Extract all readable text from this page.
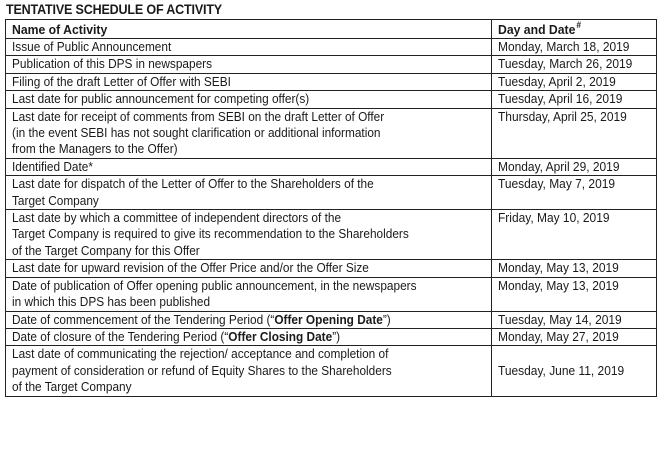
TENTATIVE SCHEDULE OF ACTIVITY
Name of Activity	Day and Date#

Issue of Public Announcement	Monday, March 18, 2019

Publication of this DPS in newspapers	Tuesday, March 26, 2019

Filing of the draft Letter of Offer with SEBI	Tuesday, April 2, 2019

Last date for public announcement for competing offer(s)	Tuesday, April 16, 2019

Last date for receipt of comments from SEBI on the draft Letter of Offer
(in the event SEBI has not sought clarification or additional information
from the Managers to the Offer)	Thursday, April 25, 2019

Identified Date*	Monday, April 29, 2019

Last date for dispatch of the Letter of Offer to the Shareholders of the
Target Company	Tuesday, May 7, 2019

Last date by which a committee of independent directors of the
Target Company is required to give its recommendation to the Shareholders
of the Target Company for this Offer	Friday, May 10, 2019

Last date for upward revision of the Offer Price and/or the Offer Size	Monday, May 13, 2019

Date of publication of Offer opening public announcement, in the newspapers
in which this DPS has been published	Monday, May 13, 2019

Date of commencement of the Tendering Period (“Offer Opening Date”)	Tuesday, May 14, 2019

Date of closure of the Tendering Period (“Offer Closing Date”)	Monday, May 27, 2019

Last date of communicating the rejection/ acceptance and completion of
payment of consideration or refund of Equity Shares to the Shareholders
of the Target Company	Tuesday, June 11, 2019
